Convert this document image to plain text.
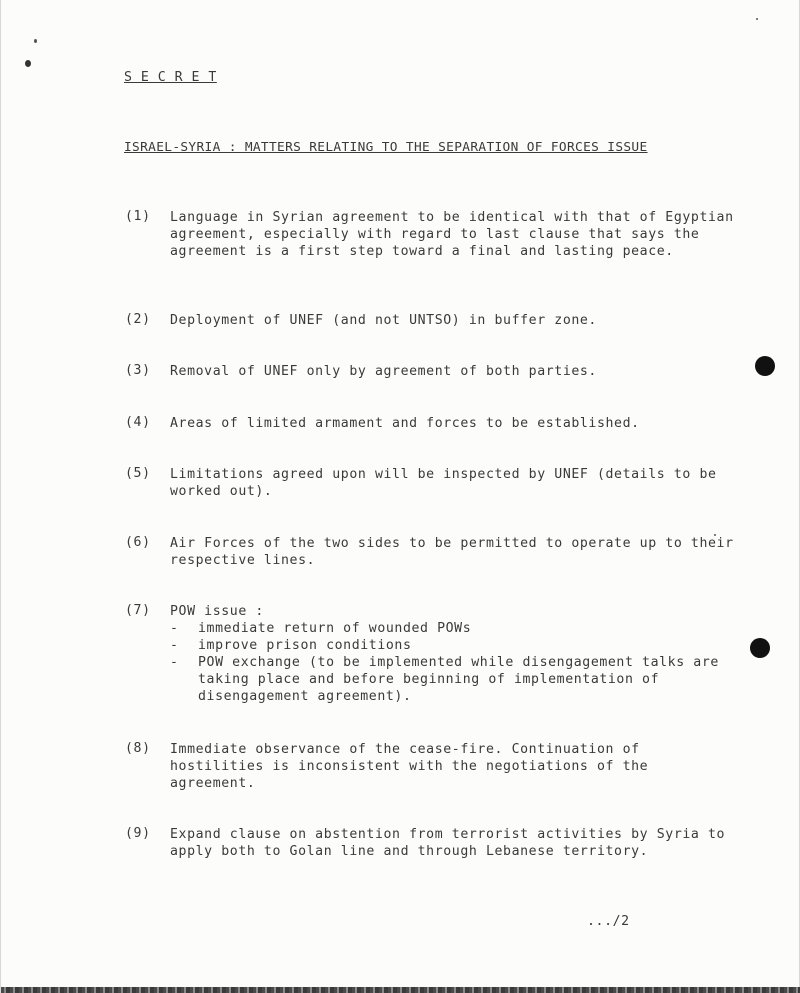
S E C R E T
ISRAEL-SYRIA : MATTERS RELATING TO THE SEPARATION OF FORCES ISSUE
(1) Language in Syrian agreement to be identical with that of Egyptian agreement, especially with regard to last clause that says the agreement is a first step toward a final and lasting peace.
(2) Deployment of UNEF (and not UNTSO) in buffer zone.
(3) Removal of UNEF only by agreement of both parties.
(4) Areas of limited armament and forces to be established.
(5) Limitations agreed upon will be inspected by UNEF (details to be worked out).
(6) Air Forces of the two sides to be permitted to operate up to their respective lines.
(7) POW issue :
- immediate return of wounded POWs
- improve prison conditions
- POW exchange (to be implemented while disengagement talks are taking place and before beginning of implementation of disengagement agreement).
(8) Immediate observance of the cease-fire. Continuation of hostilities is inconsistent with the negotiations of the agreement.
(9) Expand clause on abstention from terrorist activities by Syria to apply both to Golan line and through Lebanese territory.
.../2
